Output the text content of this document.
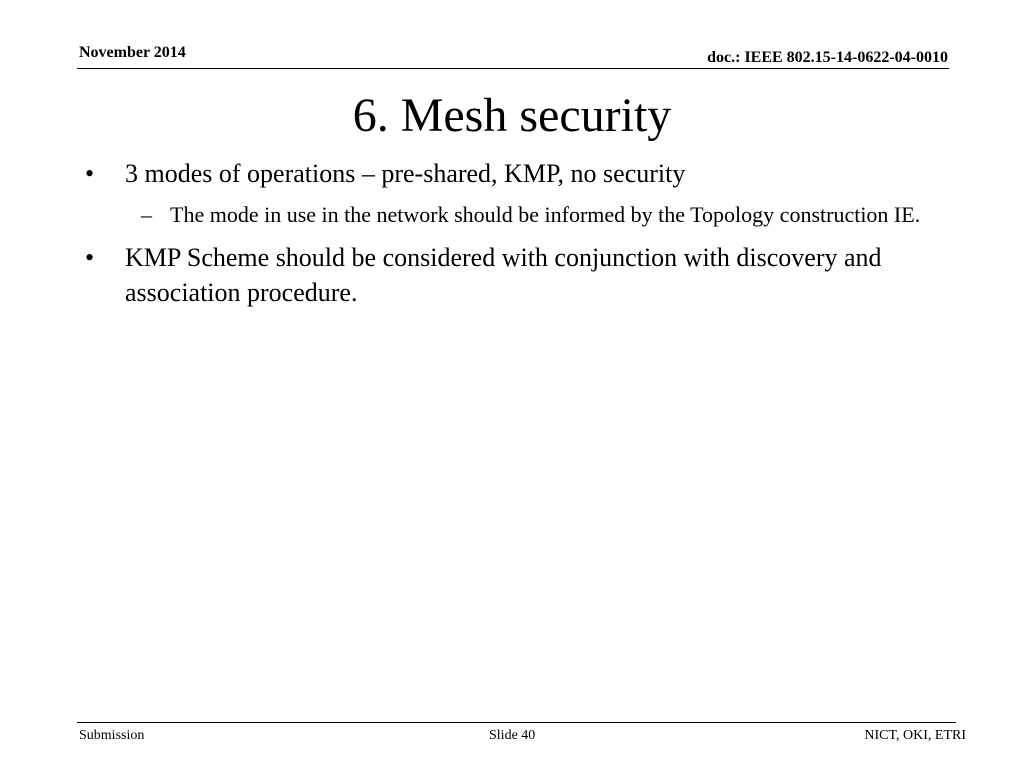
November 2014	doc.: IEEE 802.15-14-0622-04-0010
6. Mesh security
• 3 modes of operations – pre-shared, KMP, no security
– The mode in use in the network should be informed by the Topology construction IE.
• KMP Scheme should be considered with conjunction with discovery and association procedure.
Submission	Slide 40	NICT, OKI, ETRI
